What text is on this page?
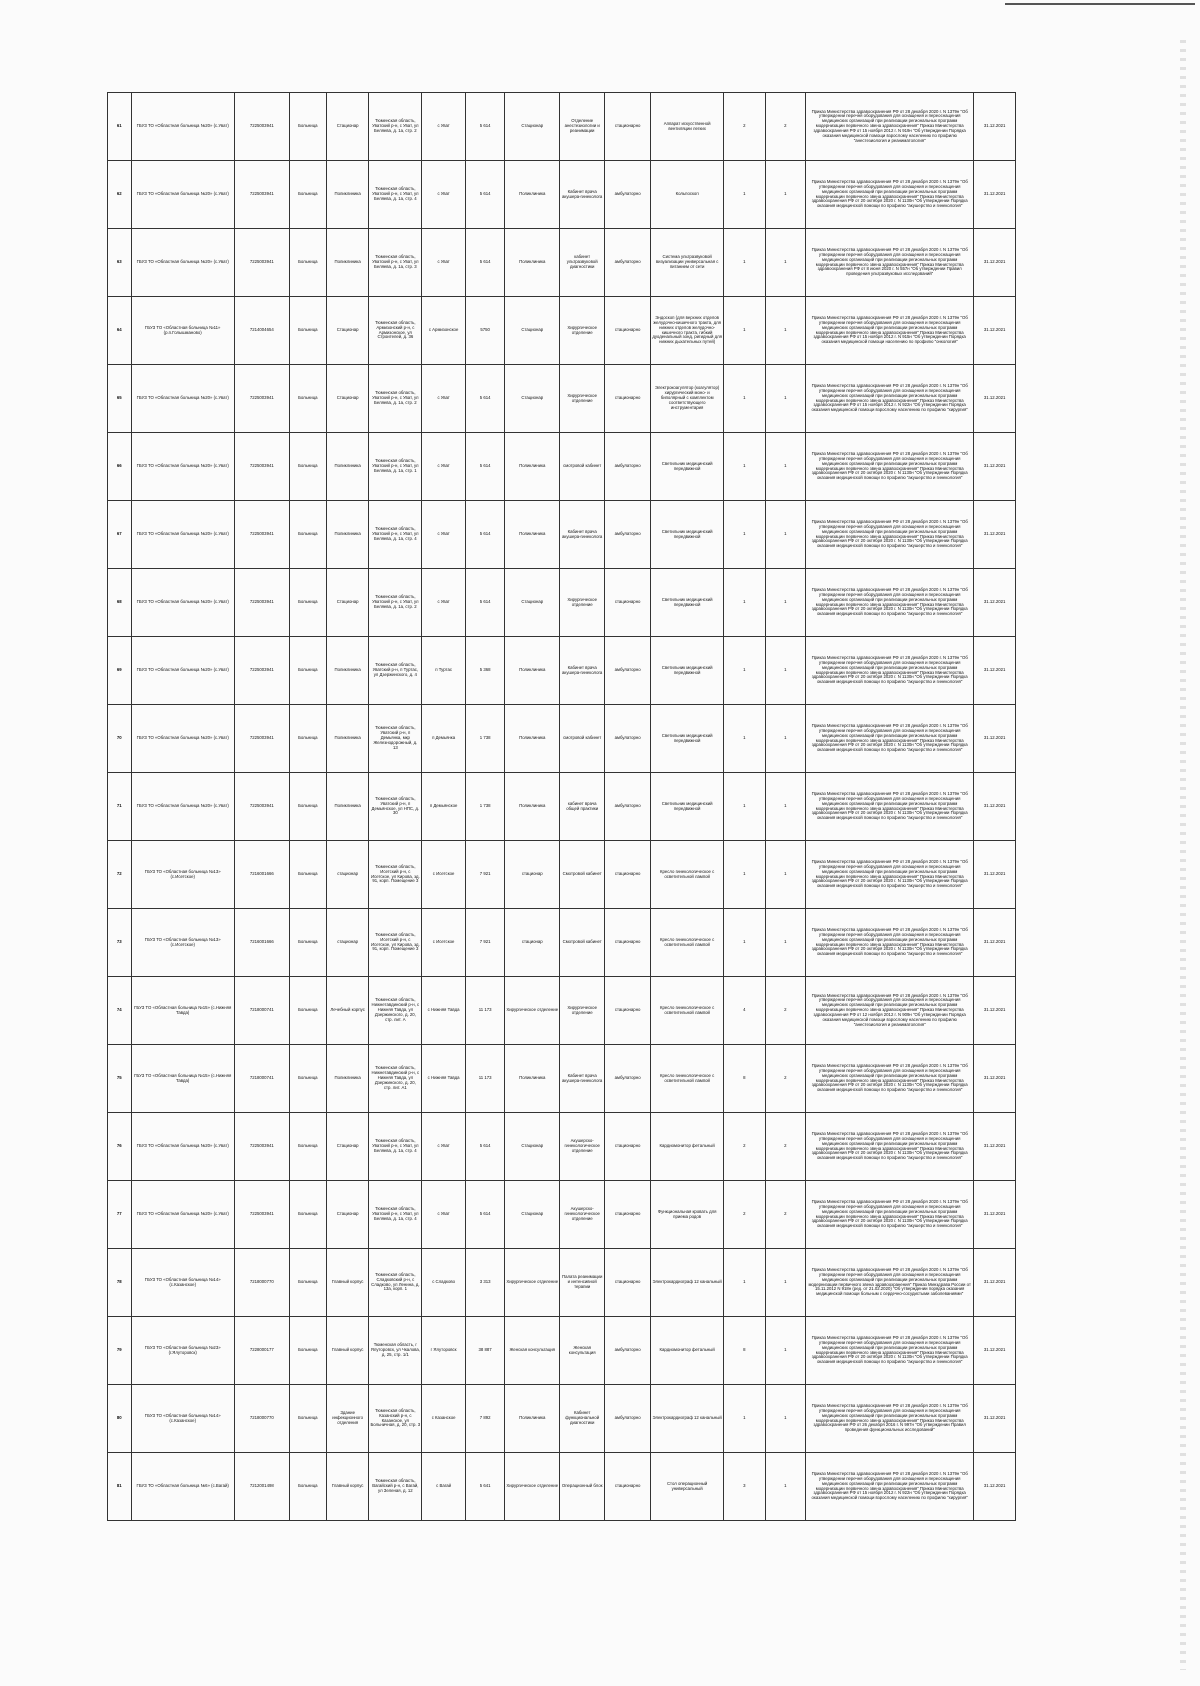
61	ГБУЗ ТО «Областная больница №20» (с.Уват)	7225003941	Больница	Стационар	Тюменская область, Уватский р-н, с Уват, ул Беляева, д. 1а, стр. 2	с Уват	5 614	Стационар	Отделение анестезиологии и реанимации	стационарно	Аппарат искусственной вентиляции легких	2	2	Приказ Министерства здравоохранения РФ от 28 декабря 2020 г. N 1379н "Об утверждении перечня оборудования для оснащения и переоснащения медицинских организаций при реализации региональных программ модернизации первичного звена здравоохранения" Приказ Министерства здравоохранения РФ от 15 ноября 2012 г. N 919н "Об утверждении Порядка оказания медицинской помощи взрослому населению по профилю "анестезиология и реаниматология"	31.12.2021
62	ГБУЗ ТО «Областная больница №20» (с.Уват)	7225003941	Больница	Поликлиника	Тюменская область, Уватский р-н, с Уват, ул Беляева, д. 1а, стр. 4	с Уват	5 614	Поликлиника	Кабинет врача акушера-гинеколога	амбулаторно	Кольпоскоп	1	1	Приказ Министерства здравоохранения РФ от 28 декабря 2020 г. N 1379н "Об утверждении перечня оборудования для оснащения и переоснащения медицинских организаций при реализации региональных программ модернизации первичного звена здравоохранения" Приказ Министерства здравоохранения РФ от 20 октября 2020 г. N 1130н "Об утверждении Порядка оказания медицинской помощи по профилю "акушерство и гинекология"	31.12.2021
63	ГБУЗ ТО «Областная больница №20» (с.Уват)	7225003941	Больница	Поликлиника	Тюменская область, Уватский р-н, с Уват, ул Беляева, д. 1а, стр. 3	с Уват	5 614	Поликлиника	кабинет ультразвуковой диагностики	амбулаторно	Система ультразвуковой визуализации универсальная с питанием от сети	1	1	Приказ Министерства здравоохранения РФ от 28 декабря 2020 г. N 1379н "Об утверждении перечня оборудования для оснащения и переоснащения медицинских организаций при реализации региональных программ модернизации первичного звена здравоохранения" Приказ Министерства здравоохранения РФ от 8 июня 2020 г. N 557н "Об утверждении Правил проведения ультразвуковых исследований"	31.12.2021
64	ГБУЗ ТО «Областная больница №11» (р.п.Голышманово)	7214004654	Больница	Стационар	Тюменская область, Армизонский р-н, с Армизонское, ул Строителей, д. 36	с Армизонское	5750	Стационар	Хирургическое отделение	стационарно	Эндоскоп (для верхних отделов желудочно-кишечного тракта, для нижних отделов желудочно-кишечного тракта, гибкий дуоденальный зонд, ригидный для нижних дыхательных путей)	1	1	Приказ Министерства здравоохранения РФ от 28 декабря 2020 г. N 1379н "Об утверждении перечня оборудования для оснащения и переоснащения медицинских организаций при реализации региональных программ модернизации первичного звена здравоохранения" Приказ Министерства здравоохранения РФ от 15 ноября 2012 г. N 915н "Об утверждении Порядка оказания медицинской помощи населению по профилю "онкология"	31.12.2021
65	ГБУЗ ТО «Областная больница №20» (с.Уват)	7225003941	Больница	Стационар	Тюменская область, Уватский р-н, с Уват, ул Беляева, д. 1а, стр. 2	с Уват	5 614	Стационар	Хирургическое отделение	стационарно	Электрокоагулятор (коагулятор) хирургический моно- и биполярный с комплектом соответствующего инструментария	1	1	Приказ Министерства здравоохранения РФ от 28 декабря 2020 г. N 1379н "Об утверждении перечня оборудования для оснащения и переоснащения медицинских организаций при реализации региональных программ модернизации первичного звена здравоохранения" Приказ Министерства здравоохранения РФ от 15 ноября 2012 г. N 922н "Об утверждении Порядка оказания медицинской помощи взрослому населению по профилю "хирургия"	31.12.2021
66	ГБУЗ ТО «Областная больница №20» (с.Уват)	7225003941	Больница	Поликлиника	Тюменская область, Уватский р-н, с Уват, ул Беляева, д. 1а, стр. 1	с Уват	5 614	Поликлиника	смотровой кабинет	амбулаторно	Светильник медицинский передвижной	1	1	Приказ Министерства здравоохранения РФ от 28 декабря 2020 г. N 1379н "Об утверждении перечня оборудования для оснащения и переоснащения медицинских организаций при реализации региональных программ модернизации первичного звена здравоохранения" Приказ Министерства здравоохранения РФ от 20 октября 2020 г. N 1130н "Об утверждении Порядка оказания медицинской помощи по профилю "акушерство и гинекология"	31.12.2021
67	ГБУЗ ТО «Областная больница №20» (с.Уват)	7225003941	Больница	Поликлиника	Тюменская область, Уватский р-н, с Уват, ул Беляева, д. 1а, стр. 4	с Уват	5 614	Поликлиника	Кабинет врача акушера-гинеколога	амбулаторно	Светильник медицинский передвижной	1	1	Приказ Министерства здравоохранения РФ от 28 декабря 2020 г. N 1379н "Об утверждении перечня оборудования для оснащения и переоснащения медицинских организаций при реализации региональных программ модернизации первичного звена здравоохранения" Приказ Министерства здравоохранения РФ от 20 октября 2020 г. N 1130н "Об утверждении Порядка оказания медицинской помощи по профилю "акушерство и гинекология"	31.12.2021
68	ГБУЗ ТО «Областная больница №20» (с.Уват)	7225003941	Больница	Стационар	Тюменская область, Уватский р-н, с Уват, ул Беляева, д. 1а, стр. 2	с Уват	5 614	Стационар	Хирургическое отделение	стационарно	Светильник медицинский передвижной	1	1	Приказ Министерства здравоохранения РФ от 28 декабря 2020 г. N 1379н "Об утверждении перечня оборудования для оснащения и переоснащения медицинских организаций при реализации региональных программ модернизации первичного звена здравоохранения" Приказ Министерства здравоохранения РФ от 20 октября 2020 г. N 1130н "Об утверждении Порядка оказания медицинской помощи по профилю "акушерство и гинекология"	31.12.2021
69	ГБУЗ ТО «Областная больница №20» (с.Уват)	7225003941	Больница	Поликлиника	Тюменская область, Уватский р-н, п Туртас, ул Дзержинского, д. 4	п Туртас	5 368	Поликлиника	Кабинет врача акушера-гинеколога	амбулаторно	Светильник медицинский передвижной	1	1	Приказ Министерства здравоохранения РФ от 28 декабря 2020 г. N 1379н "Об утверждении перечня оборудования для оснащения и переоснащения медицинских организаций при реализации региональных программ модернизации первичного звена здравоохранения" Приказ Министерства здравоохранения РФ от 20 октября 2020 г. N 1130н "Об утверждении Порядка оказания медицинской помощи по профилю "акушерство и гинекология"	31.12.2021
70	ГБУЗ ТО «Областная больница №20» (с.Уват)	7225003941	Больница	Поликлиника	Тюменская область, Уватский р-н, п Демьянка, мкр Железнодорожный, д. 13	п Демьянка	1 738	Поликлиника	смотровой кабинет	амбулаторно	Светильник медицинский передвижной	1	1	Приказ Министерства здравоохранения РФ от 28 декабря 2020 г. N 1379н "Об утверждении перечня оборудования для оснащения и переоснащения медицинских организаций при реализации региональных программ модернизации первичного звена здравоохранения" Приказ Министерства здравоохранения РФ от 20 октября 2020 г. N 1130н "Об утверждении Порядка оказания медицинской помощи по профилю "акушерство и гинекология"	31.12.2021
71	ГБУЗ ТО «Областная больница №20» (с.Уват)	7225003941	Больница	Поликлиника	Тюменская область, Уватский р-н, п Демьянское, ул НПС, д. 30	п Демьянское	1 738	Поликлиника	кабинет врача общей практики	амбулаторно	Светильник медицинский передвижной	1	1	Приказ Министерства здравоохранения РФ от 28 декабря 2020 г. N 1379н "Об утверждении перечня оборудования для оснащения и переоснащения медицинских организаций при реализации региональных программ модернизации первичного звена здравоохранения" Приказ Министерства здравоохранения РФ от 20 октября 2020 г. N 1130н "Об утверждении Порядка оказания медицинской помощи по профилю "акушерство и гинекология"	31.12.2021
72	ГБУЗ ТО «Областная больница №13» (с.Исетское)	7216001666	Больница	стационар	Тюменская область, Исетский р-н, с Исетское, ул Кирова, зд. 91, корп. Помещение 3	с Исетское	7 921	стационар	Смотровой кабинет	стационарно	Кресло гинекологическое с осветительной лампой	1	1	Приказ Министерства здравоохранения РФ от 28 декабря 2020 г. N 1379н "Об утверждении перечня оборудования для оснащения и переоснащения медицинских организаций при реализации региональных программ модернизации первичного звена здравоохранения" Приказ Министерства здравоохранения РФ от 20 октября 2020 г. N 1130н "Об утверждении Порядка оказания медицинской помощи по профилю "акушерство и гинекология"	31.12.2021
73	ГБУЗ ТО «Областная больница №13» (с.Исетское)	7216001666	Больница	стационар	Тюменская область, Исетский р-н, с Исетское, ул Кирова, зд. 91, корп. Помещение 3	с Исетское	7 921	стационар	Смотровой кабинет	стационарно	Кресло гинекологическое с осветительной лампой	1	1	Приказ Министерства здравоохранения РФ от 28 декабря 2020 г. N 1379н "Об утверждении перечня оборудования для оснащения и переоснащения медицинских организаций при реализации региональных программ модернизации первичного звена здравоохранения" Приказ Министерства здравоохранения РФ от 20 октября 2020 г. N 1130н "Об утверждении Порядка оказания медицинской помощи по профилю "акушерство и гинекология"	31.12.2021
74	ГБУЗ ТО «Областная больница №15» (с.Нижняя Тавда)	7218000741	Больница	Лечебный корпус	Тюменская область, Нижнетавдинский р-н, с Нижняя Тавда, ул Дзержинского, д. 20, стр. лит. А	с Нижняя Тавда	11 173	Хирургическое отделение	Хирургическое отделение	стационарно	Кресло гинекологическое с осветительной лампой	4	2	Приказ Министерства здравоохранения РФ от 28 декабря 2020 г. N 1379н "Об утверждении перечня оборудования для оснащения и переоснащения медицинских организаций при реализации региональных программ модернизации первичного звена здравоохранения" Приказ Министерства здравоохранения РФ от 12 ноября 2012 г. N 909н "Об утверждении Порядка оказания медицинской помощи взрослому населению по профилю "анестезиология и реаниматология"	31.12.2021
75	ГБУЗ ТО «Областная больница №15» (с.Нижняя Тавда)	7218000741	Больница	Поликлиника	Тюменская область, Нижнетавдинский р-н, с Нижняя Тавда, ул Дзержинского, д. 20, стр. лит. А1	с Нижняя Тавда	11 173	Поликлиника	Кабинет врача акушера-гинеколога	амбулаторно	Кресло гинекологическое с осветительной лампой	8	2	Приказ Министерства здравоохранения РФ от 28 декабря 2020 г. N 1379н "Об утверждении перечня оборудования для оснащения и переоснащения медицинских организаций при реализации региональных программ модернизации первичного звена здравоохранения" Приказ Министерства здравоохранения РФ от 20 октября 2020 г. N 1130н "Об утверждении Порядка оказания медицинской помощи по профилю "акушерство и гинекология"	31.12.2021
76	ГБУЗ ТО «Областная больница №20» (с.Уват)	7225003941	Больница	Стационар	Тюменская область, Уватский р-н, с Уват, ул Беляева, д. 1а, стр. 4	с Уват	5 614	Стационар	Акушерско-гинекологическое отделение	стационарно	Кардиомонитор фетальный	2	2	Приказ Министерства здравоохранения РФ от 28 декабря 2020 г. N 1379н "Об утверждении перечня оборудования для оснащения и переоснащения медицинских организаций при реализации региональных программ модернизации первичного звена здравоохранения" Приказ Министерства здравоохранения РФ от 20 октября 2020 г. N 1130н "Об утверждении Порядка оказания медицинской помощи по профилю "акушерство и гинекология"	31.12.2021
77	ГБУЗ ТО «Областная больница №20» (с.Уват)	7225003941	Больница	Стационар	Тюменская область, Уватский р-н, с Уват, ул Беляева, д. 1а, стр. 4	с Уват	5 614	Стационар	Акушерско-гинекологическое отделение	стационарно	Функциональная кровать для приема родов	2	2	Приказ Министерства здравоохранения РФ от 28 декабря 2020 г. N 1379н "Об утверждении перечня оборудования для оснащения и переоснащения медицинских организаций при реализации региональных программ модернизации первичного звена здравоохранения" Приказ Министерства здравоохранения РФ от 20 октября 2020 г. N 1130н "Об утверждении Порядка оказания медицинской помощи по профилю "акушерство и гинекология"	31.12.2021
78	ГБУЗ ТО «Областная больница №14» (с.Казанское)	7218000770	Больница	Главный корпус	Тюменская область, Сладковский р-н, с Сладково, ул Ленина, д. 13а, корп. 1	с Сладково	3 313	Хирургическое отделение	Палата реанимации и интенсивной терапии	стационарно	Электрокардиограф 12 канальный	1	1	Приказ Министерства здравоохранения РФ от 28 декабря 2020 г. N 1379н "Об утверждении перечня оборудования для оснащения и переоснащения медицинских организаций при реализации региональных программ модернизации первичного звена здравоохранения" Приказ Минздрава России от 15.11.2012 N 918н (ред. от 21.02.2020) "Об утверждении порядка оказания медицинской помощи больным с сердечно-сосудистыми заболеваниями"	31.12.2021
79	ГБУЗ ТО «Областная больница №23» (г.Ялуторовск)	7228000177	Больница	Главный корпус	Тюменская область, г Ялуторовск, ул Чкалова, д. 25, стр. 1/1	г Ялуторовск	38 887	Женская консультация	Женская консультация	амбулаторно	Кардиомонитор фетальный	8	1	Приказ Министерства здравоохранения РФ от 28 декабря 2020 г. N 1379н "Об утверждении перечня оборудования для оснащения и переоснащения медицинских организаций при реализации региональных программ модернизации первичного звена здравоохранения" Приказ Министерства здравоохранения РФ от 20 октября 2020 г. N 1130н "Об утверждении Порядка оказания медицинской помощи по профилю "акушерство и гинекология"	31.12.2021
80	ГБУЗ ТО «Областная больница №14» (с.Казанское)	7218000770	Больница	Здание инфекционного отделения	Тюменская область, Казанский р-н, с Казанское, ул Больничная, д. 20, стр. 3	с Казанское	7 892	Поликлиника	Кабинет функциональной диагностики	амбулаторно	Электрокардиограф 12 канальный	1	1	Приказ Министерства здравоохранения РФ от 28 декабря 2020 г. N 1379н "Об утверждении перечня оборудования для оснащения и переоснащения медицинских организаций при реализации региональных программ модернизации первичного звена здравоохранения" Приказ Министерства здравоохранения РФ от 26 декабря 2016 г. N 997н "Об утверждении Правил проведения функциональных исследований"	31.12.2021
81	ГБУЗ ТО «Областная больница №6» (с.Вагай)	7212001498	Больница	Главный корпус	Тюменская область, Вагайский р-н, с Вагай, ул Зеленая, д. 12	с Вагай	5 641	Хирургическое отделение	Операционный блок	стационарно	Стол операционный универсальный	3	1	Приказ Министерства здравоохранения РФ от 28 декабря 2020 г. N 1379н "Об утверждении перечня оборудования для оснащения и переоснащения медицинских организаций при реализации региональных программ модернизации первичного звена здравоохранения" Приказ Министерства здравоохранения РФ от 15 ноября 2012 г. N 922н "Об утверждении Порядка оказания медицинской помощи взрослому населению по профилю "хирургия"	31.12.2021
